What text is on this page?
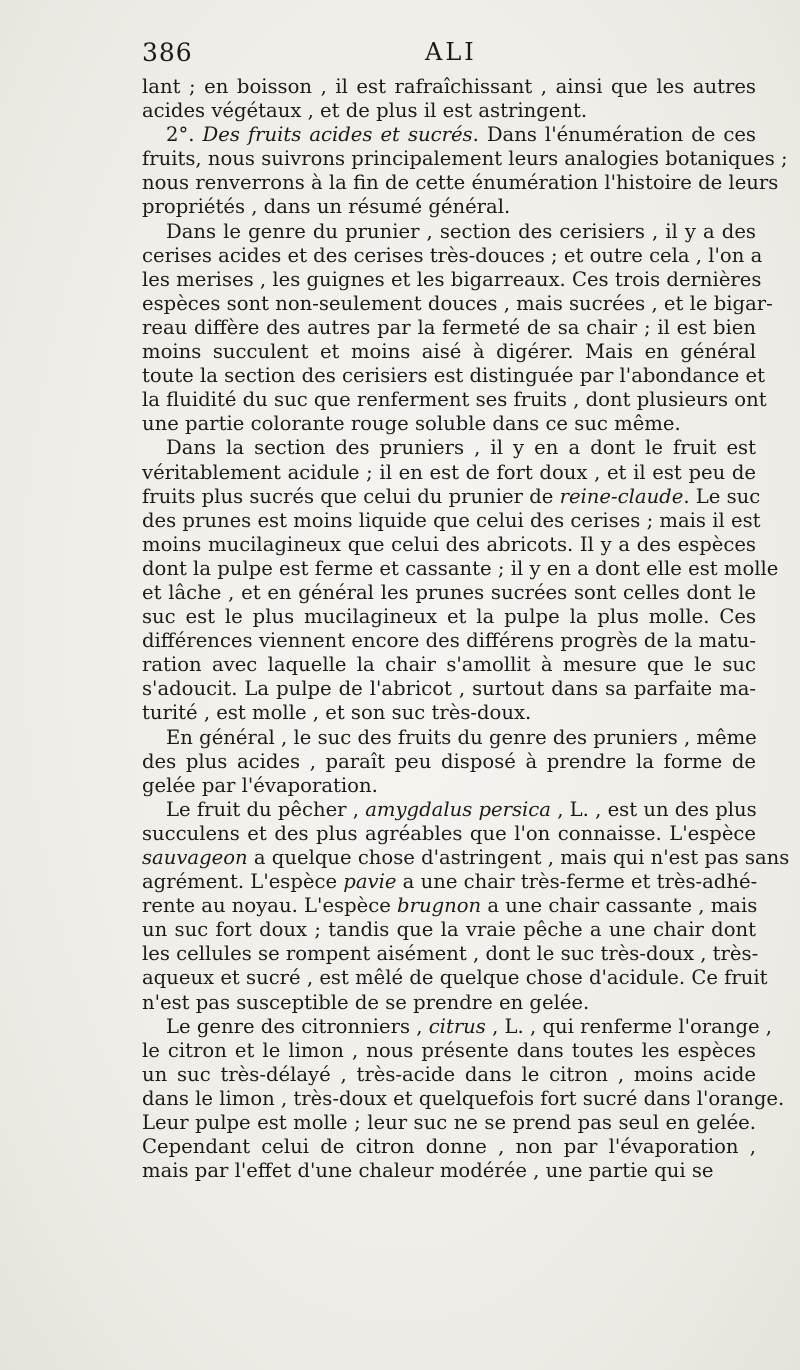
386	ALI
lant ; en boisson , il est rafraîchissant , ainsi que les autres
acides végétaux , et de plus il est astringent.
2°. Des fruits acides et sucrés. Dans l'énumération de ces
fruits, nous suivrons principalement leurs analogies botaniques ;
nous renverrons à la fin de cette énumération l'histoire de leurs
propriétés , dans un résumé général.
Dans le genre du prunier , section des cerisiers , il y a des
cerises acides et des cerises très-douces ; et outre cela , l'on a
les merises , les guignes et les bigarreaux. Ces trois dernières
espèces sont non-seulement douces , mais sucrées , et le bigar-
reau diffère des autres par la fermeté de sa chair ; il est bien
moins succulent et moins aisé à digérer. Mais en général
toute la section des cerisiers est distinguée par l'abondance et
la fluidité du suc que renferment ses fruits , dont plusieurs ont
une partie colorante rouge soluble dans ce suc même.
Dans la section des pruniers , il y en a dont le fruit est
véritablement acidule ; il en est de fort doux , et il est peu de
fruits plus sucrés que celui du prunier de reine-claude. Le suc
des prunes est moins liquide que celui des cerises ; mais il est
moins mucilagineux que celui des abricots. Il y a des espèces
dont la pulpe est ferme et cassante ; il y en a dont elle est molle
et lâche , et en général les prunes sucrées sont celles dont le
suc est le plus mucilagineux et la pulpe la plus molle. Ces
différences viennent encore des différens progrès de la matu-
ration avec laquelle la chair s'amollit à mesure que le suc
s'adoucit. La pulpe de l'abricot , surtout dans sa parfaite ma-
turité , est molle , et son suc très-doux.
En général , le suc des fruits du genre des pruniers , même
des plus acides , paraît peu disposé à prendre la forme de
gelée par l'évaporation.
Le fruit du pêcher , amygdalus persica , L. , est un des plus
succulens et des plus agréables que l'on connaisse. L'espèce
sauvageon a quelque chose d'astringent , mais qui n'est pas sans
agrément. L'espèce pavie a une chair très-ferme et très-adhé-
rente au noyau. L'espèce brugnon a une chair cassante , mais
un suc fort doux ; tandis que la vraie pêche a une chair dont
les cellules se rompent aisément , dont le suc très-doux , très-
aqueux et sucré , est mêlé de quelque chose d'acidule. Ce fruit
n'est pas susceptible de se prendre en gelée.
Le genre des citronniers , citrus , L. , qui renferme l'orange ,
le citron et le limon , nous présente dans toutes les espèces
un suc très-délayé , très-acide dans le citron , moins acide
dans le limon , très-doux et quelquefois fort sucré dans l'orange.
Leur pulpe est molle ; leur suc ne se prend pas seul en gelée.
Cependant celui de citron donne , non par l'évaporation ,
mais par l'effet d'une chaleur modérée , une partie qui se
